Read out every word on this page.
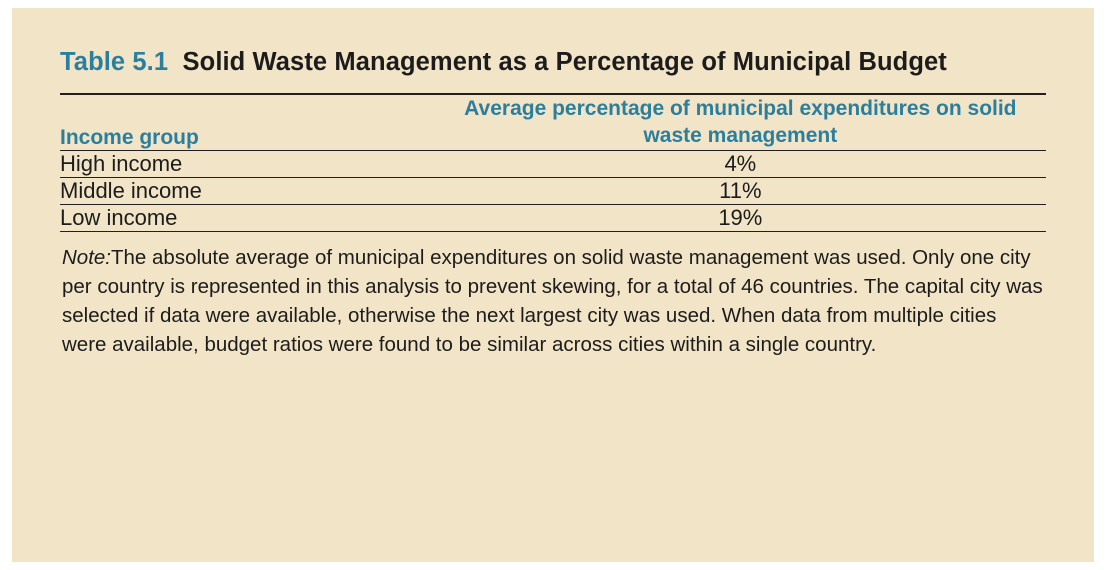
Table 5.1 Solid Waste Management as a Percentage of Municipal Budget
Income group	Average percentage of municipal expenditures on solid waste management
High income	4%
Middle income	11%
Low income	19%
Note:The absolute average of municipal expenditures on solid waste management was used. Only one city per country is represented in this analysis to prevent skewing, for a total of 46 countries. The capital city was selected if data were available, otherwise the next largest city was used. When data from multiple cities were available, budget ratios were found to be similar across cities within a single country.
